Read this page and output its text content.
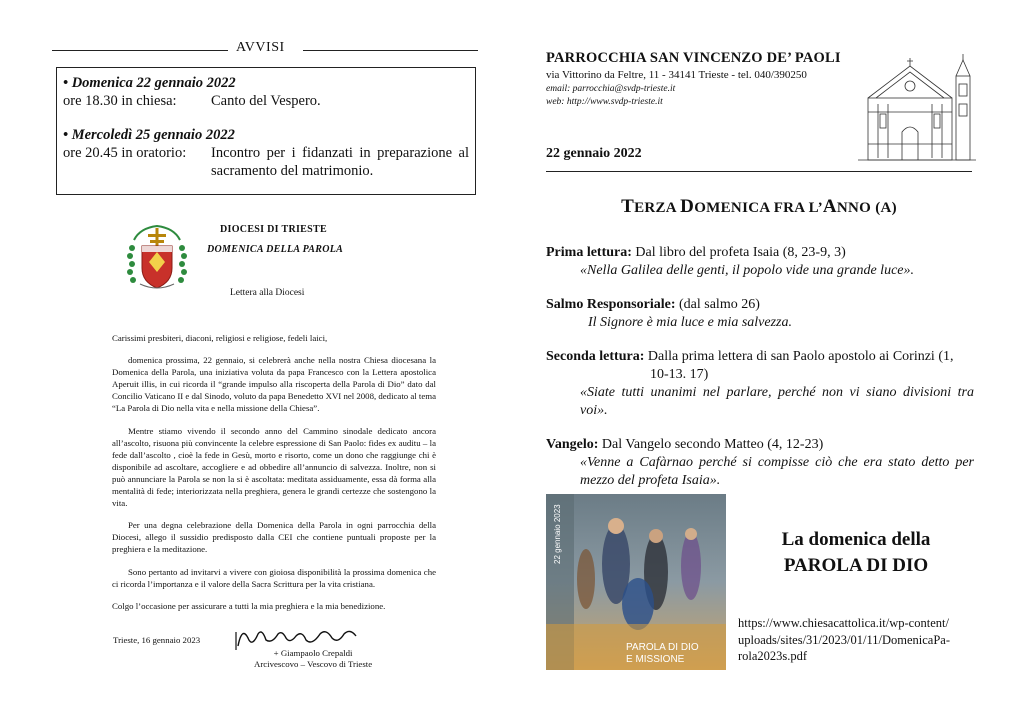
AVVISI
• Domenica 22 gennaio 2022
ore 18.30 in chiesa:	Canto del Vespero.
• Mercoledì 25 gennaio 2022
ore 20.45 in oratorio:	Incontro per i fidanzati in preparazione al sacramento del matrimonio.
DIOCESI DI TRIESTE
DOMENICA DELLA PAROLA
Lettera alla Diocesi

Carissimi presbiteri, diaconi, religiosi e religiose, fedeli laici,

domenica prossima, 22 gennaio, si celebrerà anche nella nostra Chiesa diocesana la Domenica della Parola, una iniziativa voluta da papa Francesco con la Lettera apostolica Aperuit illis, in cui ricorda il “grande impulso alla riscoperta della Parola di Dio” dato dal Concilio Vaticano II e dal Sinodo, voluto da papa Benedetto XVI nel 2008, dedicato al tema “La Parola di Dio nella vita e nella missione della Chiesa”.

Mentre stiamo vivendo il secondo anno del Cammino sinodale dedicato ancora all’ascolto, risuona più convincente la celebre espressione di San Paolo: fides ex auditu – la fede dall’ascolto , cioè la fede in Gesù, morto e risorto, come un dono che raggiunge chi è disponibile ad ascoltare, accogliere e ad obbedire all’annuncio di salvezza. Inoltre, non si può annunciare la Parola se non la si è ascoltata: meditata assiduamente, essa dà forma alla mentalità di fede; interiorizzata nella preghiera, genera le grandi certezze che sostengono la vita.

Per una degna celebrazione della Domenica della Parola in ogni parrocchia della Diocesi, allego il sussidio predisposto dalla CEI che contiene puntuali proposte per la preghiera e la meditazione.

Sono pertanto ad invitarvi a vivere con gioiosa disponibilità la prossima domenica che ci ricorda l’importanza e il valore della Sacra Scrittura per la vita cristiana.

Colgo l’occasione per assicurare a tutti la mia preghiera e la mia benedizione.

Trieste, 16 gennaio 2023
+ Giampaolo Crepaldi
Arcivescovo – Vescovo di Trieste
PARROCCHIA SAN VINCENZO DE’ PAOLI
via Vittorino da Feltre, 11 - 34141 Trieste - tel. 040/390250
email: parrocchia@svdp-trieste.it
web: http://www.svdp-trieste.it
22 gennaio 2022
TERZA DOMENICA FRA L’ANNO (A)
Prima lettura: Dal libro del profeta Isaia (8, 23-9, 3)
«Nella Galilea delle genti, il popolo vide una grande luce».
Salmo Responsoriale: (dal salmo 26)
Il Signore è mia luce e mia salvezza.
Seconda lettura: Dalla prima lettera di san Paolo apostolo ai Corinzi (1,
10-13. 17)
«Siate tutti unanimi nel parlare, perché non vi siano divisioni tra voi».
Vangelo: Dal Vangelo secondo Matteo (4, 12-23)
«Venne a Cafàrnao perché si compisse ciò che era stato detto per mezzo del profeta Isaia».
22 gennaio 2023
PAROLA DI DIO
E MISSIONE
La domenica della
PAROLA DI DIO
https://www.chiesacattolica.it/wp-content/
uploads/sites/31/2023/01/11/DomenicaPa-
rola2023s.pdf
